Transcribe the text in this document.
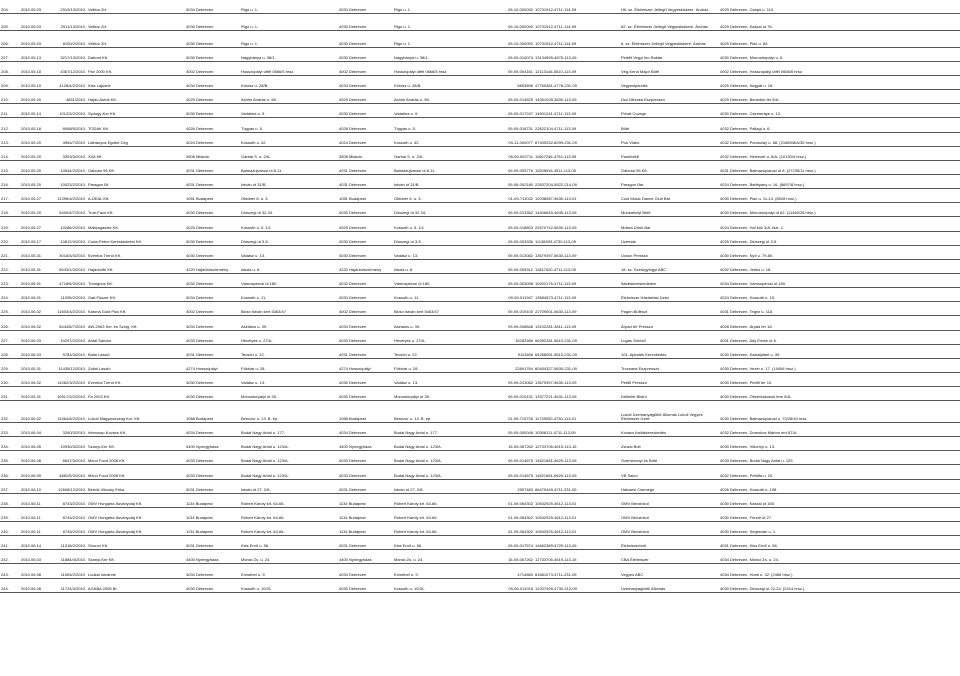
204.	2010.05.03	2910/13/2010.	Velikor Zrt.	4034 Debrecen	Rigó u. 1.	4034 Debrecen	Rigó u. 1.	09-10-000092	10731912-4711-114-09	Hit. sz. Élelmiszer Jellegű Vegyeskiskere. Áruház	4029 Debrecen, Csapó u. 110.
205.	2010.05.03	2911/13/2010.	Velikor Zrt.	4030 Debrecen	Rigó u. 1.	4030 Debrecen	Rigó u. 1.	09-10-000092	10731912-4711-114-09	62. sz. Élelmiszer Jellegű Vegyeskiskere. Áruház	4029 Debrecen, Kassai út 76.
206.	2010.05.03	8100/2/2010.	Velikor Zrt.	4030 Debrecen	Rigó u. 1.	4030 Debrecen	Rigó u. 1.	09-10-000092	10731912-4711-114-09	6. sz. Élelmiszer Jellegű Vegyeskiskere. Áruház	4025 Debrecen, Piac u. 83.
207.	2010.05.13	3217/13/2010.	Dabont Kft.	4030 Debrecen	Nagybánya u. 38/1.	4030 Debrecen	Nagybánya u. 38/1.	09-09-010074	13134595-4675-113-09	Pelefit Vegyi bio Raktár	4030 Debrecen, Monostorpályi u. 5.
208.	2010.05.18	4367/12/2010.	Pax 2000 Kft.	4002 Debrecen	Hosszúpályi útfél 0666/5 hrsz.	4002 Debrecen	Hosszúpályi útfél 0666/5 hrsz.	09-09-004161	12113146-5510-113-09	Vég-Kend Major Büfé	4002 Debrecen, Hosszúpályi útfél 0666/5 hrsz.
209.	2010.05.19	4128/4/2/2010.	Kiss Lajosné	4034 Debrecen	Kördsz u. 28/B.	4034 Debrecen	Kördsz u. 28/B.	6693696	47760381-4778-231-09	Vegyesiparcikk	4025 Debrecen, Nagyát u. 16.
210.	2010.05.20	4831/2010.	Hajdú Autók Kft.	4029 Debrecen	Achim András u. 98.	4029 Debrecen	Achim András u. 98.	09-09-014625	14051028-3830-113-09	Üzo Mécska Eszpresszó	4029 Debrecen, Benedek tér 5/A.
211.	2010.05.14	1012/3/2/2010.	Sydogy-Ker Kft.	4030 Debrecen	Vadalma u. 9.	4030 Debrecen	Vadalma u. 9.	09-09-017247	14601241-4711-113-09	Privát Cuvege	4030 Debrecen, Csemeraye u. 13.
212.	2010.05.18	8068/5/2010.	TODAK Kft.	4026 Debrecen	Tógyás u. 5.	4028 Debrecen	Tógyás u. 5.	09-09-018731	22622104-4711-113-09	Büfé	4032 Debrecen, Pallagi u. 6.
213.	2010.05.20	4964/7/2010.	Láthányos Egatro Cég	4024 Debrecen	Kossuth u. 42.	4024 Debrecen	Kossuth u. 42.	09-11-000077	67400032-8299-231-09	Puo Video	4032 Debrecen, Poroszlay u. 88. (21889/8/A/35 hrsz.)
214.	2010.05.20	3303/3/2010.	XVA Kft.	3508 Miskolc	Garbai S. u. 2/A.	3508 Miskolc	Garbai S. u. 2/A.	05-09-002711	11667246-4752-113-05	Paubfolkft	4032 Debrecen, Hétvezér u. 8/A. (10130/4 hrsz.)
215.	2010.05.20	10544/2/2010.	Gáborsi 95 Kft.	4031 Debrecen	Balmazújvárosi út 8-11.	4031 Debrecen	Balmazújvárosi út 8-11.	09-09-005776	11008916-4511-113-09	Gáborsi 95 Kft.	4031 Debrecen, Balmazújvárosi út 8. (27235/11 hrsz.)
216.	2010.05.20	10023/2/2010.	Paragon Bt.	4031 Debrecen	István út 31/B.	4031 Debrecen	István út 31/B.	09-06-002180	22837204-5522-214-09	Paragon Bár	4024 Debrecen, Batthyány u. 16. (8697/8 hrsz.)
217.	2010.05.27	11396/4/2/2010.	A-DEAL Kft.	1051 Budapest	Október 6. u. 3.	1051 Budapest	Október 6. u. 3.	01-09-711032	12038087-5630-113-01	Cool Music Dance Club Bár	4030 Debrecen, Piac u. 11-13. (8528 hrsz.)
218.	2010.05.20	5400/4/7/2010.	True-Face Kft.	4030 Debrecen	Diószegi út 32-34.	4030 Debrecen	Diószegi út 32-34.	09-09-013352	14406649-4645-113-09	Munkahelyi Büfé	4030 Debrecen, Monostorpályi út 62. (11480/28 hrsz.)
219.	2010.05.27	10286/2/2010.	Makkagaszte Kft.	4025 Debrecen	Kossuth u. 5. 1/1	4025 Debrecen	Kossuth u. 5. 1/1	09-09-018803	22670742-5630-113-09	Mokka Drink Bár	4024 Debrecen, Hal köz 3/A. fszt. 1.
220.	2010.05.17	10812/4/2010.	Coda-Petrol Kereskedelmi Kft.	4030 Debrecen	Diószegi út 3-5.	4030 Debrecen	Diószegi út 3-5.	09-09-003336	11136593-4730-113-09	Üzemiát	4025 Debrecen, Diószegi út 3-5.
221.	2010.05.31	3018/3/3/2010.	Eventus Trend Kft.	4030 Debrecen	Vadász u. 13.	4030 Debrecen	Vadász u. 13.	09-09-013082	13679397-5630-113-09	Úcson Presszó	4030 Debrecen, Nyíl u. 79-80.
222.	2010.05.31	8043/1/3/2010.	Hajdúbüfé Kft.	4220 Hajdúböszörmény	Iskola u. 8.	4220 Hajdúböszörmény	Iskola u. 8.	09-09-005312	11847620-4711-113-09	18. sz. Szerügyhígyi ABC	4032 Debrecen, Jerikó u. 18.
223.	2010.06.01	4718/6/3/2010.	Trónignos Kft.	4032 Debrecen	Vámospércsi út 180.	4032 Debrecen	Vámospércsi út 180.	09-09-003098	10202176-4711-113-09	Italdiskereskedelem	4034 Debrecen, Vámospércsi út 180.
224.	2010.06.01	11095/2/2010.	Gati Füszer Kft.	4034 Debrecen	Kossuth u. 11.	4034 Debrecen	Kossuth u. 11.	09-09-011947	13584573-4711-113-09	Élelmiszer Háztartási Üzlet	4024 Debrecen, Kossuth u. 15.
225.	2010.06.02	11603/4/2/2010.	Katona Gold Plus Kft.	4002 Debrecen	Bicsó István kert 5463/47	4002 Debrecen	Bicsó István kert 5463/47	09-09-019100	22709001-5630-113-09	Pagen Büfészt	4031 Debrecen, Tegez u. 118.
226.	2010.06.02	8444/6/7/2010.	AW-2063 Ker. és Szolg. Kft.	4034 Debrecen	Asztalos u. 39.	4034 Debrecen	Asztalos u. 39.	09-09-008848	13102281-3811-113-09	Árpád tér Presszó	4028 Debrecen, Árpád tér 18.
227.	2010.06.03	10297/2/2010.	Antal Sándor	4033 Debrecen	Hévetyés u. 27/A.	4033 Debrecen	Hévetyés u. 27/A.	15282586	66392281-5610-231-09	Lugas Söröző	4031 Debrecen, Ady Endre út 6.
228.	2010.06.03	9784/3/2010.	Balla László	4031 Debrecen	Tecsöri u. 22.	4031 Debrecen	Tecsöri u. 22.	9113466	64268051-5610-231-09	101. Ajándék Kereskedés	4030 Debrecen, Kastályfairt u. 39.
229.	2010.05.31	11435/12/2010.	Zoltai László	4274 Hosszúpályi	Földvár u. 28.	4274 Hosszúpályi	Földvár u. 28.	22691764	60454327-5630-231-09	Trocsana Eszpresszó	4030 Debrecen, Vezér u. 17. (19406 hrsz.)
230.	2010.06.02	11062/3/2/2010.	Eventus Trend Kft.	4030 Debrecen	Vadász u. 13.	4030 Debrecen	Vadász u. 13.	09-09-013082	13679397-5630-113-09	Petőfi Presszó	4030 Debrecen, Petőfi tér 10.
231.	2010.05.31	10917/2/2/2010.	Fa 2003 Kft.	4030 Debrecen	Monostorpályi út 26.	4030 Debrecen	Monostorpályi út 26.	09-09-010131	13377221-4631-113-09	Délkelet Bistró	4030 Debrecen, Öbsentakosok tere 8/A.
232.	2010.06.02	11964/6/2/2010.	Lukoil Magyarország Kor. Kft.	1068 Budapest	Benczur u. 13. B. ép.	1068 Budapest	Benczur u. 13. B. ép.	01-09-719726	11735930-4730-113-01	Lukoil Üzemanyagtöltő Állomás Lukoil Vegyes Élelmiszer Üzlet	4030 Debrecen, Balmazújvárosi u. 70/28/40 hrsz.
233.	2010.06.04	3260/3/2010.	Intercsop-Kovács Kft.	4034 Debrecen	Budai Nagy Antal u. 177.	4034 Debrecen	Budai Nagy Antal u. 177.	09-09-000048	10308111-4711-113-09	Kovács Italdiskereskedés	4032 Debrecen, Domokos Márton tert 87/A.
234.	2010.06.05	10930/3/2010.	Szanyi-Ker Kft.	4400 Nyíregyháza	Budai Nagy Antal u. 123/A.	4400 Nyíregyháza	Budai Nagy Antal u. 123/A.	15-09-067262	12733706-4619-113-15	Zsuzsi Bolt	4030 Debrecen, Vidornyi u. 13.
235.	2010.06.08	6647/3/2010.	Mervi Food 2008 Kft.	4033 Debrecen	Budai Nagy Antal u. 123/A.	4033 Debrecen	Budai Nagy Antal u. 123/A.	09-09-014675	14621681-5629-113-09	Ozembrónyi és Büfé	4033 Debrecen, Budai Nagy Antal u. 129.
236.	2010.06.09	4862/5/3/2010.	Mervi Food 2008 Kft.	4033 Debrecen	Budai Nagy Antal u. 123/A.	4033 Debrecen	Budai Nagy Antal u. 123/A.	09-09-014675	14621681-5629-113-09	VB Salon	4032 Debrecen, Pöttöfa u. 20.
237.	2010.06.10	12608/12/2010.	Bertók Vikcsky Erika	4031 Debrecen	István út 27. 2/8.	4031 Debrecen	István út 27. 2/8.	2997483	66479449-4711-231-09	Halcsesi Csemege	4026 Debrecen, Kossuth u. 108.
238.	2010.06.11	8743/2/2010.	OMV Hungária Ásványolaj Kft.	1134 Budapest	Róbert Károly krt. 64-66.	1134 Budapest	Róbert Károly krt. 64-66.	01-09-064302	10542925-4612-113-01	OMV Benzinkút	4030 Debrecen, Kassai út 155.
239.	2010.06.11	8744/2/2010.	OMV Hungária Ásványolaj Kft.	1134 Budapest	Róbert Károly krt. 64-66.	1134 Budapest	Róbert Károly krt. 64-66.	01-09-064302	10542925-4612-113-01	OMV Benzinkút	4030 Debrecen, Füredi út 27.
240.	2010.06.11	8745/2/2010.	OMV Hungária Ásványolaj Kft.	1134 Budapest	Róbert Károly krt. 64-66.	1134 Budapest	Róbert Károly krt. 64-66.	01-09-064302	10542925-4612-113-01	OMV Benzinkút	4030 Debrecen, Segesvári u. 1.
241.	2010.06.14	11318/2/2010.	Shoron Kft.	4031 Debrecen	Kiss Ernő u. 56.	4031 Debrecen	Kiss Ernő u. 56.	09-09-017574	14662389-4729-113-09	Élelmiszerbolt	4031 Debrecen, Kiss Ernő u. 56.
242.	2010.06.03	11884/4/2010.	Szanyi-Ker Kft.	4400 Nyíregyháza	Mónici Zs. u. 24.	4400 Nyíregyháza	Mónici Zs. u. 24.	15-09-067262	12733706-4619-113-15	CBA Élelmiszer	4034 Debrecen, Mónici Zs. u. 24.
243.	2010.06.08	11063/2/2010.	Loukai Istvánné	4034 Debrecen	Erzsébet u. 9.	4034 Debrecen	Erzsébet u. 9.	4714660	61681073-4711-231-09	Vegyes ABC	4034 Debrecen, Honti u. 32. (2466 hrsz.)
244.	2010.06.08	11724/4/2010.	AGABA 2008 Bt.	4030 Debrecen	Kossuth u. 10/31.	4030 Debrecen	Kossuth u. 10/31.	09-06-011018	12207499-4730-212-09	Üzemanyagtöltő Állomás	4030 Debrecen, Diószegi út 22-24. (2414 hrsz.)
